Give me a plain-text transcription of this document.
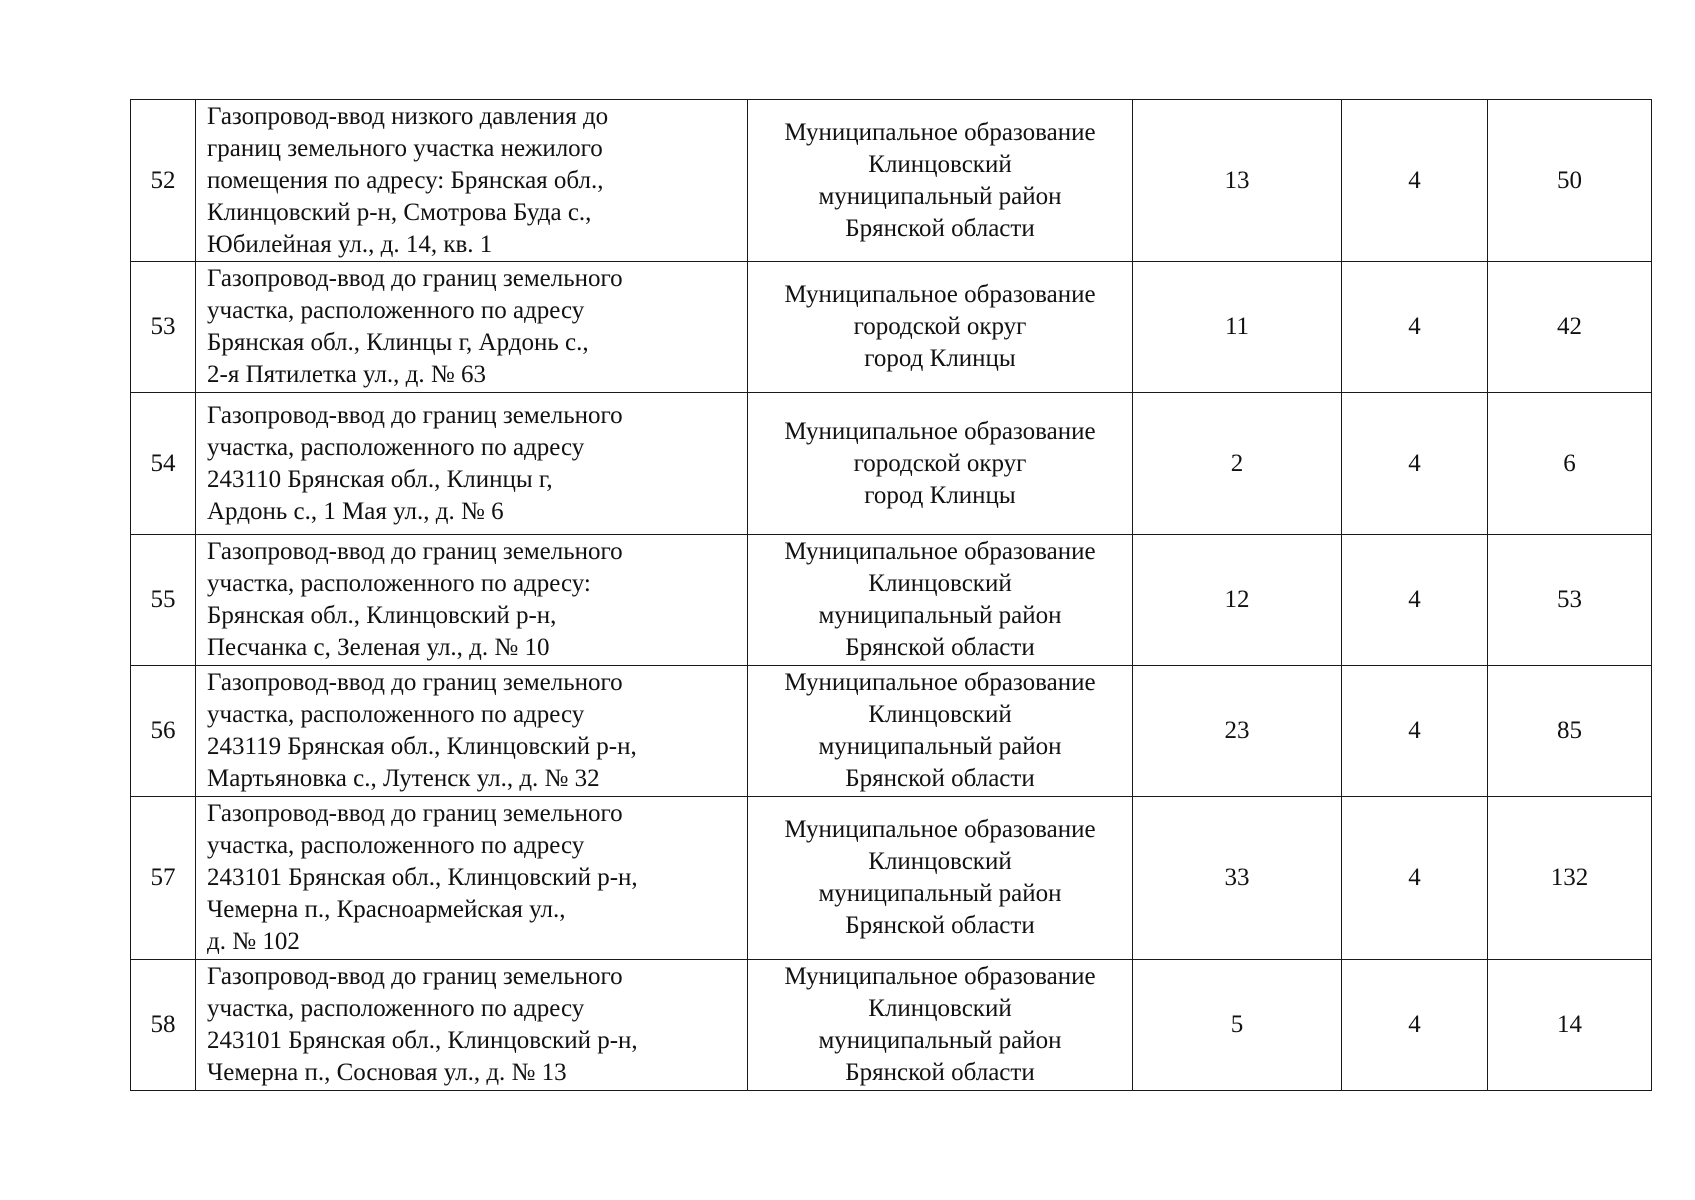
52	Газопровод-ввод низкого давления до
границ земельного участка нежилого
помещения по адресу: Брянская обл.,
Клинцовский р-н, Смотрова Буда с.,
Юбилейная ул., д. 14, кв. 1	Муниципальное образование
Клинцовский
муниципальный район
Брянской области	13	4	50
53	Газопровод-ввод до границ земельного
участка, расположенного по адресу
Брянская обл., Клинцы г, Ардонь с.,
2-я Пятилетка ул., д. № 63	Муниципальное образование
городской округ
город Клинцы	11	4	42
54	Газопровод-ввод до границ земельного
участка, расположенного по адресу
243110 Брянская обл., Клинцы г,
Ардонь с., 1 Мая ул., д. № 6	Муниципальное образование
городской округ
город Клинцы	2	4	6
55	Газопровод-ввод до границ земельного
участка, расположенного по адресу:
Брянская обл., Клинцовский р-н,
Песчанка с, Зеленая ул., д. № 10	Муниципальное образование
Клинцовский
муниципальный район
Брянской области	12	4	53
56	Газопровод-ввод до границ земельного
участка, расположенного по адресу
243119 Брянская обл., Клинцовский р-н,
Мартьяновка с., Лутенск ул., д. № 32	Муниципальное образование
Клинцовский
муниципальный район
Брянской области	23	4	85
57	Газопровод-ввод до границ земельного
участка, расположенного по адресу
243101 Брянская обл., Клинцовский р-н,
Чемерна п., Красноармейская ул.,
д. № 102	Муниципальное образование
Клинцовский
муниципальный район
Брянской области	33	4	132
58	Газопровод-ввод до границ земельного
участка, расположенного по адресу
243101 Брянская обл., Клинцовский р-н,
Чемерна п., Сосновая ул., д. № 13	Муниципальное образование
Клинцовский
муниципальный район
Брянской области	5	4	14
